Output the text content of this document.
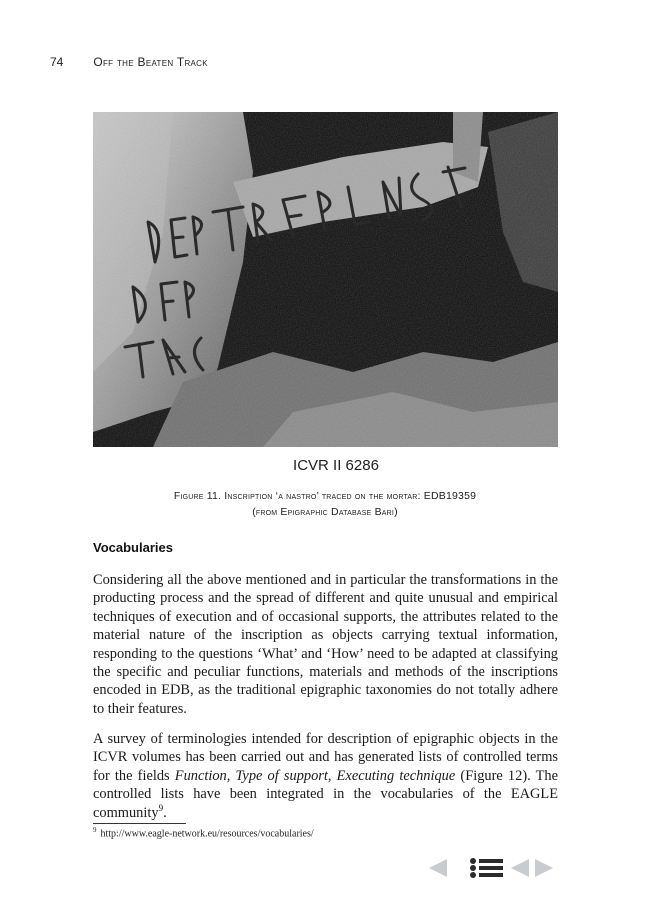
74 Off the Beaten Track
ICVR II 6286
Figure 11. Inscription ‘a nastro’ traced on the mortar: EDB19359
(from Epigraphic Database Bari)
Vocabularies

Considering all the above mentioned and in particular the transformations in the producting process and the spread of different and quite unusual and empirical techniques of execution and of occasional supports, the attributes related to the material nature of the inscription as objects carrying textual information, responding to the questions ‘What’ and ‘How’ need to be adapted at classifying the specific and peculiar functions, materials and methods of the inscriptions encoded in EDB, as the traditional epigraphic taxonomies do not totally adhere to their features.

A survey of terminologies intended for description of epigraphic objects in the ICVR volumes has been carried out and has generated lists of controlled terms for the fields Function, Type of support, Executing technique (Figure 12). The controlled lists have been integrated in the vocabularies of the EAGLE community$^9$.

$^9$ http://www.eagle-network.eu/resources/vocabularies/
